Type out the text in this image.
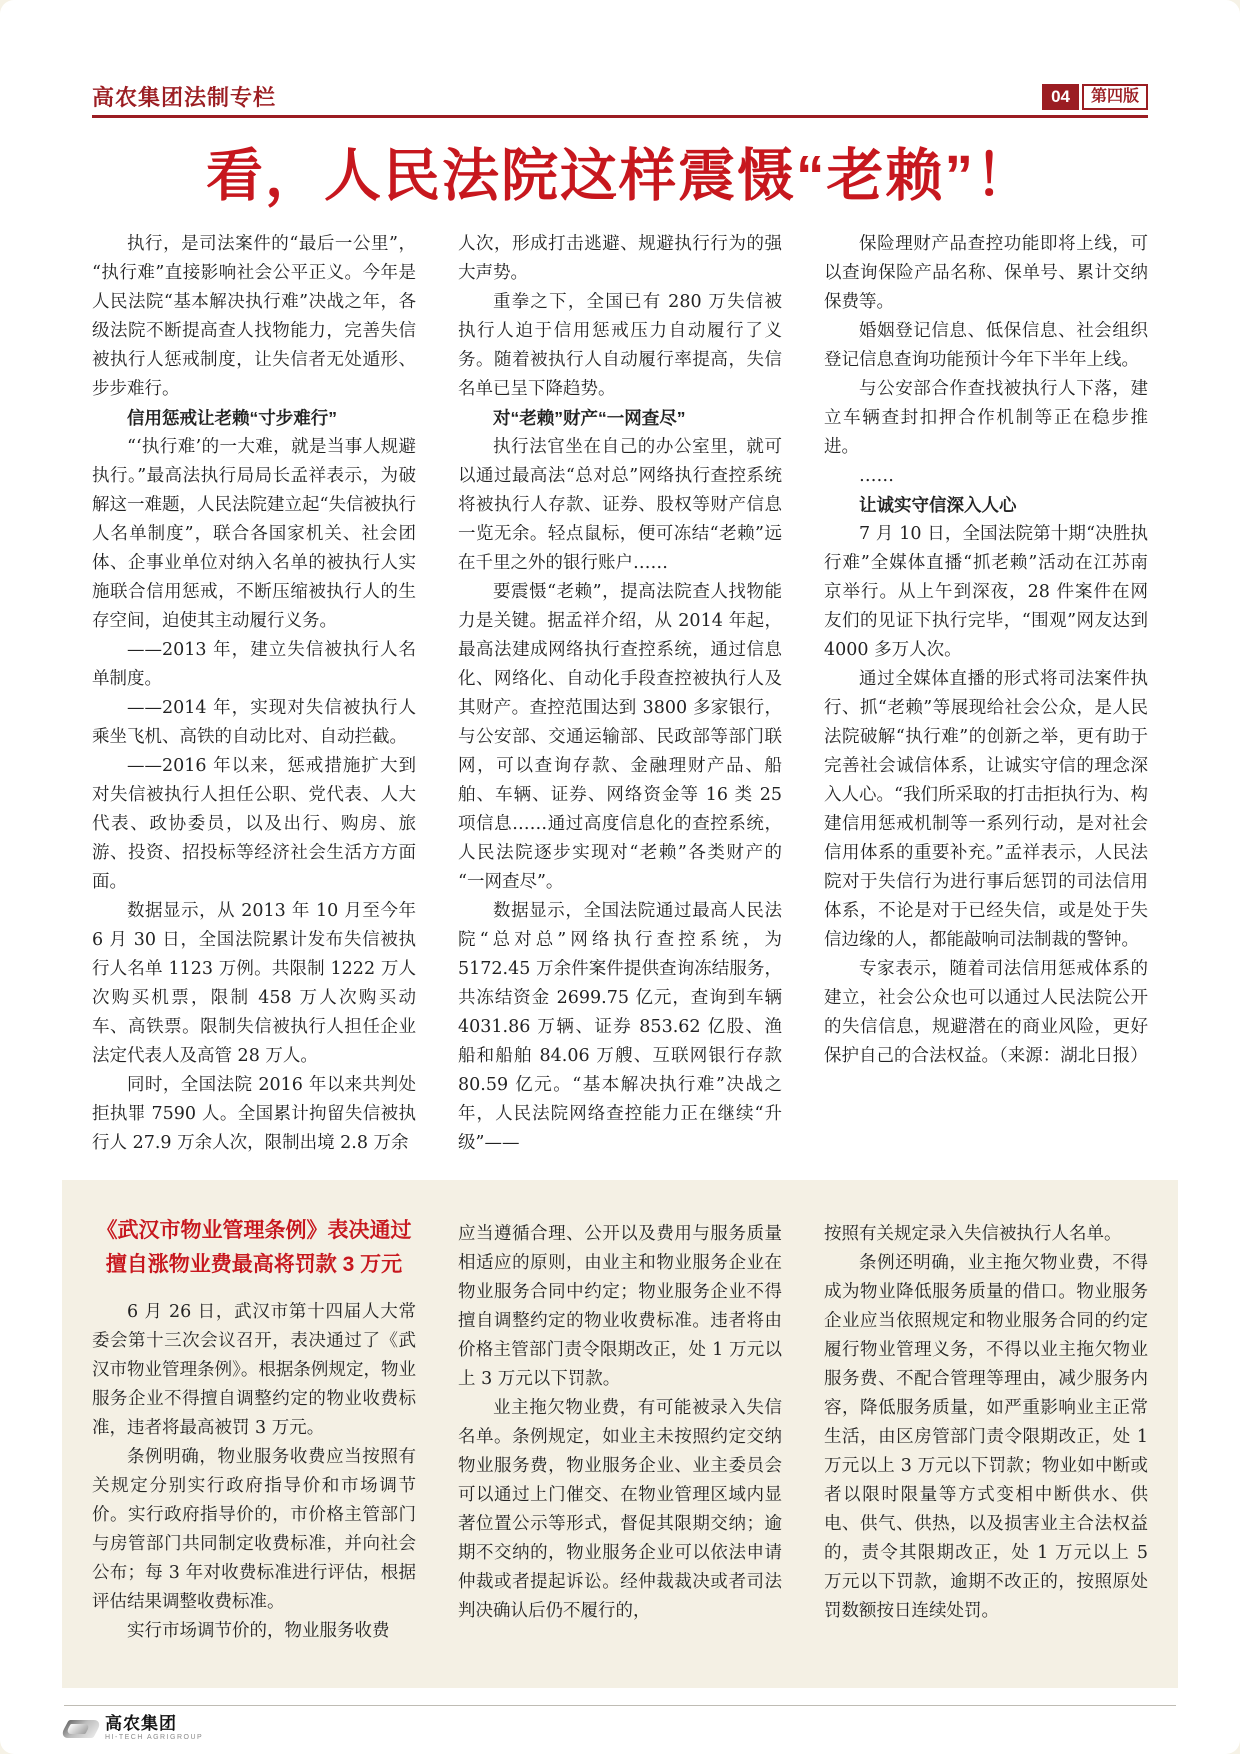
高农集团法制专栏	04	第四版
看，人民法院这样震慑“老赖”！

执行，是司法案件的“最后一公里”，“执行难”直接影响社会公平正义。今年是人民法院“基本解决执行难”决战之年，各级法院不断提高查人找物能力，完善失信被执行人惩戒制度，让失信者无处遁形、步步难行。

信用惩戒让老赖“寸步难行”

“‘执行难’的一大难，就是当事人规避执行。”最高法执行局局长孟祥表示，为破解这一难题，人民法院建立起“失信被执行人名单制度”，联合各国家机关、社会团体、企事业单位对纳入名单的被执行人实施联合信用惩戒，不断压缩被执行人的生存空间，迫使其主动履行义务。

——2013 年，建立失信被执行人名单制度。

——2014 年，实现对失信被执行人乘坐飞机、高铁的自动比对、自动拦截。

——2016 年以来，惩戒措施扩大到对失信被执行人担任公职、党代表、人大代表、政协委员，以及出行、购房、旅游、投资、招投标等经济社会生活方方面面。

数据显示，从 2013 年 10 月至今年 6 月 30 日，全国法院累计发布失信被执行人名单 1123 万例。共限制 1222 万人次购买机票，限制 458 万人次购买动车、高铁票。限制失信被执行人担任企业法定代表人及高管 28 万人。

同时，全国法院 2016 年以来共判处拒执罪 7590 人。全国累计拘留失信被执行人 27.9 万余人次，限制出境 2.8 万余

人次，形成打击逃避、规避执行行为的强大声势。

重拳之下，全国已有 280 万失信被执行人迫于信用惩戒压力自动履行了义务。随着被执行人自动履行率提高，失信名单已呈下降趋势。

对“老赖”财产“一网查尽”

执行法官坐在自己的办公室里，就可以通过最高法“总对总”网络执行查控系统将被执行人存款、证券、股权等财产信息一览无余。轻点鼠标，便可冻结“老赖”远在千里之外的银行账户……

要震慑“老赖”，提高法院查人找物能力是关键。据孟祥介绍，从 2014 年起，最高法建成网络执行查控系统，通过信息化、网络化、自动化手段查控被执行人及其财产。查控范围达到 3800 多家银行，与公安部、交通运输部、民政部等部门联网，可以查询存款、金融理财产品、船舶、车辆、证券、网络资金等 16 类 25 项信息……通过高度信息化的查控系统，人民法院逐步实现对“老赖”各类财产的“一网查尽”。

数据显示，全国法院通过最高人民法院“总对总”网络执行查控系统，为 5172.45 万余件案件提供查询冻结服务，共冻结资金 2699.75 亿元，查询到车辆 4031.86 万辆、证券 853.62 亿股、渔船和船舶 84.06 万艘、互联网银行存款 80.59 亿元。“基本解决执行难”决战之年，人民法院网络查控能力正在继续“升级”——

保险理财产品查控功能即将上线，可以查询保险产品名称、保单号、累计交纳保费等。

婚姻登记信息、低保信息、社会组织登记信息查询功能预计今年下半年上线。

与公安部合作查找被执行人下落，建立车辆查封扣押合作机制等正在稳步推进。

……

让诚实守信深入人心

7 月 10 日，全国法院第十期“决胜执行难”全媒体直播“抓老赖”活动在江苏南京举行。从上午到深夜，28 件案件在网友们的见证下执行完毕，“围观”网友达到 4000 多万人次。

通过全媒体直播的形式将司法案件执行、抓“老赖”等展现给社会公众，是人民法院破解“执行难”的创新之举，更有助于完善社会诚信体系，让诚实守信的理念深入人心。“我们所采取的打击拒执行为、构建信用惩戒机制等一系列行动，是对社会信用体系的重要补充。”孟祥表示，人民法院对于失信行为进行事后惩罚的司法信用体系，不论是对于已经失信，或是处于失信边缘的人，都能敲响司法制裁的警钟。

专家表示，随着司法信用惩戒体系的建立，社会公众也可以通过人民法院公开的失信信息，规避潜在的商业风险，更好保护自己的合法权益。（来源：湖北日报）

《武汉市物业管理条例》表决通过
擅自涨物业费最高将罚款 3 万元

6 月 26 日，武汉市第十四届人大常委会第十三次会议召开，表决通过了《武汉市物业管理条例》。根据条例规定，物业服务企业不得擅自调整约定的物业收费标准，违者将最高被罚 3 万元。

条例明确，物业服务收费应当按照有关规定分别实行政府指导价和市场调节价。实行政府指导价的，市价格主管部门与房管部门共同制定收费标准，并向社会公布；每 3 年对收费标准进行评估，根据评估结果调整收费标准。

实行市场调节价的，物业服务收费

应当遵循合理、公开以及费用与服务质量相适应的原则，由业主和物业服务企业在物业服务合同中约定；物业服务企业不得擅自调整约定的物业收费标准。违者将由价格主管部门责令限期改正，处 1 万元以上 3 万元以下罚款。

业主拖欠物业费，有可能被录入失信名单。条例规定，如业主未按照约定交纳物业服务费，物业服务企业、业主委员会可以通过上门催交、在物业管理区域内显著位置公示等形式，督促其限期交纳；逾期不交纳的，物业服务企业可以依法申请仲裁或者提起诉讼。经仲裁裁决或者司法判决确认后仍不履行的，

按照有关规定录入失信被执行人名单。

条例还明确，业主拖欠物业费，不得成为物业降低服务质量的借口。物业服务企业应当依照规定和物业服务合同的约定履行物业管理义务，不得以业主拖欠物业服务费、不配合管理等理由，减少服务内容，降低服务质量，如严重影响业主正常生活，由区房管部门责令限期改正，处 1 万元以上 3 万元以下罚款；物业如中断或者以限时限量等方式变相中断供水、供电、供气、供热，以及损害业主合法权益的，责令其限期改正，处 1 万元以上 5 万元以下罚款，逾期不改正的，按照原处罚数额按日连续处罚。

高农集团
HI-TECH AGRIGROUP
